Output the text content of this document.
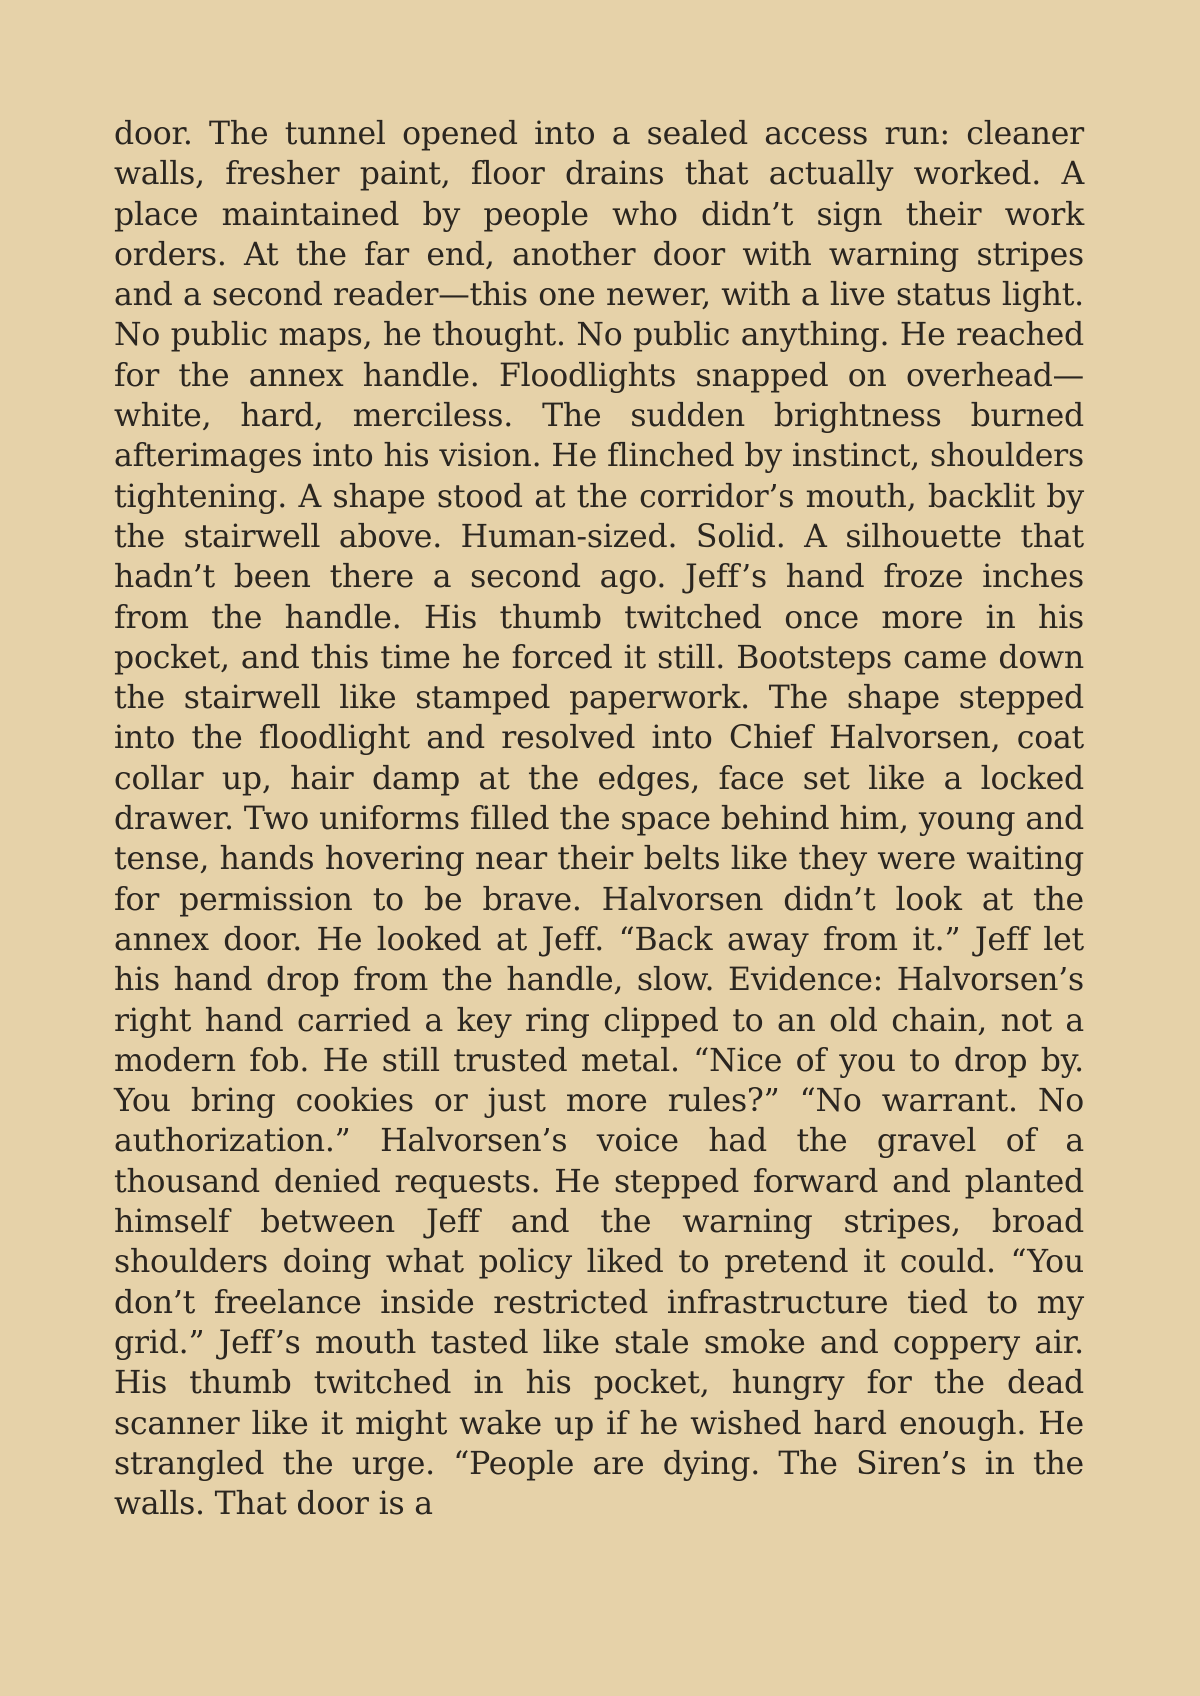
door. The tunnel opened into a sealed access run: cleaner walls, fresher paint, floor drains that actually worked. A place maintained by people who didn’t sign their work orders. At the far end, another door with warning stripes and a second reader—this one newer, with a live status light. No public maps, he thought. No public anything. He reached for the annex handle. Floodlights snapped on overhead—white, hard, merciless. The sudden brightness burned afterimages into his vision. He flinched by instinct, shoulders tightening. A shape stood at the corridor’s mouth, backlit by the stairwell above. Human-sized. Solid. A silhouette that hadn’t been there a second ago. Jeff’s hand froze inches from the handle. His thumb twitched once more in his pocket, and this time he forced it still. Bootsteps came down the stairwell like stamped paperwork. The shape stepped into the floodlight and resolved into Chief Halvorsen, coat collar up, hair damp at the edges, face set like a locked drawer. Two uniforms filled the space behind him, young and tense, hands hovering near their belts like they were waiting for permission to be brave. Halvorsen didn’t look at the annex door. He looked at Jeff. “Back away from it.” Jeff let his hand drop from the handle, slow. Evidence: Halvorsen’s right hand carried a key ring clipped to an old chain, not a modern fob. He still trusted metal. “Nice of you to drop by. You bring cookies or just more rules?” “No warrant. No authorization.” Halvorsen’s voice had the gravel of a thousand denied requests. He stepped forward and planted himself between Jeff and the warning stripes, broad shoulders doing what policy liked to pretend it could. “You don’t freelance inside restricted infrastructure tied to my grid.” Jeff’s mouth tasted like stale smoke and coppery air. His thumb twitched in his pocket, hungry for the dead scanner like it might wake up if he wished hard enough. He strangled the urge. “People are dying. The Siren’s in the walls. That door is a
